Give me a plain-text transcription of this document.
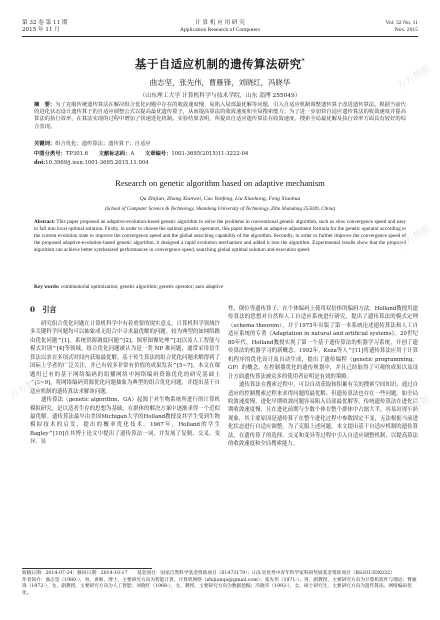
第 32 卷 第 11 期
2015 年 11 月
计 算 机 应 用 研 究
Application Research of Computers
Vol. 32 No. 11
Nov. 2015
基于自适应机制的遗传算法研究*
曲志坚，张先伟，曹雁锋，刘晓红，冯晓华
（山东理工大学 计算机科学与技术学院，山东 淄博 255049）
摘　要：为了克服传统遗传算法在解决组合优化问题中存在的收敛速度慢、易陷入局部最优解等问题，引入自适应机制调整遗传算子改进遗传算法。根据当前代的进化状态设计遗传算子的自适应调整公式以提高最优遗传算子，从而提高算法的收敛速度和全局搜索能力；为了进一步加快自适应遗传算法的收敛速度并提高算法的执行效率，在算法实现的过程中增加了快速进化机制。实验结果表明，所提出自适应遗传算法在收敛速度、搜索全局最优解及执行效率方面具有较好的综合表现。
关键词：组合优化；遗传算法；遗传算子；自适应
中图分类号：TP301.6　　 文献标志码：A　　 文章编号：1001-3695(2015)11-3222-04
doi:10.3969/j.issn.1001-3695.2015.11.004
Research on genetic algorithm based on adaptive mechanism
Qu Zhijian, Zhang Xianwei, Cao Yanfeng, Liu Xiaohong, Feng Xiaohua
(School of Computer Science & Technology, Shandong University of Technology, Zibo Shandong 255049, China)
Abstract: This paper proposed an adaptive-evolution-based genetic algorithm to solve the problems in conventional genetic algorithm, such as slow convergence speed and easy to fall into local optimal solution. Firstly, in order to choose the optimal genetic operators, this paper designed an adaptive adjustment formula for the genetic operator according to the current evolution state to improve the convergence speed and the global searching capability of the algorithm. Secondly, in order to further improve the convergence speed of the proposed adaptive-evolution-based genetic algorithm, it designed a rapid evolution mechanism and added it into the algorithm. Experimental results show that the proposed algorithm can achieve better synthesized performances in convergence speed, searching global optimal solution and execution speed.
Key words: combinatorial optimization; genetic algorithm; genetic operator; auto adaptive
0　引言

研究组合优化问题在计算机科学中有着重要的现实意义。计算机科学领域许多关键科学问题均可以抽象成无组合中寻求最优解的问题。较为典型的如网络路由优化问题^[1]、系统资源调度问题^[2]、图形图像处理^[3]以及人工智能与模式识别^[4]等领域。组合优化问题被认为是一类 NP 难问题，通常采用信生算法以求在多项式时间内获取最优解。基于传生算法的组合优化问题求解得到了国际上学者的广泛关注，并已有较多非常有价值的成果发表^[5~7]。本文在课题组已有的基于网络编码的组播网络中网络编码资源优化的研究基础上^[5~9]，将网络编码资源优化问题抽象为典型的组合优化问题，并提出基于自适应机制的遗传算法求解该问题。

遗传算法（genetic algorithm，GA）起源于对生物系统所进行的计算机模拟研究，是以适者生存的思想为基础，在群体的解决方案中逐渐求得一个近似最优解。遗传算法最早由美国Michigan大学的Holland教授及其学生受到生物模拟技术的启发，提出的概率优化技术。1967年，Holland的学生Bagley^[10]在其博士论文中提出了遗传算法一词，并发展了复制、交叉、变异、显

性、倒位等遗传算子，在个体编码上使用双倍体的编码方法。Holland教授用遗传算法的思想对自然和人工自适应系统进行研究，提出了遗传算法的模式定理（schema theorem），并于1975年出版了第一本系统论述遗传算法和人工自适应系统的专著《Adaptation in natural and artificial systems》。20世纪80年代，Holland教授实现了第一个基于遗传算法的机器学习系统，开创了遗传算法的机器学习的新概念。1992年，Koza等人^[11]将遗传算法应用于计算机程序的优化设计及自动生成，提出了遗传编程（genetic programming，GP）的概念。在控制器优化的遗传规划中，并且已经取得了可观的成果以及设计方面遗传算法被众多的使用者证明是有效的策略。

遗传算法在搜索过程中，可以自动获取和积累有关的搜索空间知识，通过自适应的控制搜索过程来求得问题的最优解。但遗传算法也存在一些问题，如全局收敛速度慢、进化早期收敛问题容易陷入局部最优解等。传统遗传算法在进化后期收敛速度慢，且在进化前期与少数个体在整个群体中占据大半，容易出现早熟现象，其主要原因是遗传算子在整个进化过程中参数固定不变，无法根据当前进化状态进行自适应调整。为了克服上述问题，本文提出基于自适应机制的遗传算法，在遗传算子的选择、交叉和变异等过程中引入自适应调整机制，以提高算法的收敛速度和全局搜索能力。

收稿日期：2014-07-24；修回日期：2014-10-17　　基金项目：国家自然科学基金资助项目（61473179）；山东省优秀中青年科学家科研奖励基金资助项目（BS2013DX032）
作者简介：曲志坚（1980-），男，讲师，博士，主要研究方向为智能计算、计算机网络（zhijianqu@gmail.com）；张先伟（1971-），男，副教授，主要研究方向为计算机软件与理论；曹雁锋（1972-），女，副教授，主要研究方向为人工智能；刘晓红（1968-），女，教授，主要研究方向为数据挖掘；冯晓华（1992-），女，硕士研究生，主要研究方向为遗传算法、网络编码优化。
万方数据
万方数据
万方数据
万方数据
